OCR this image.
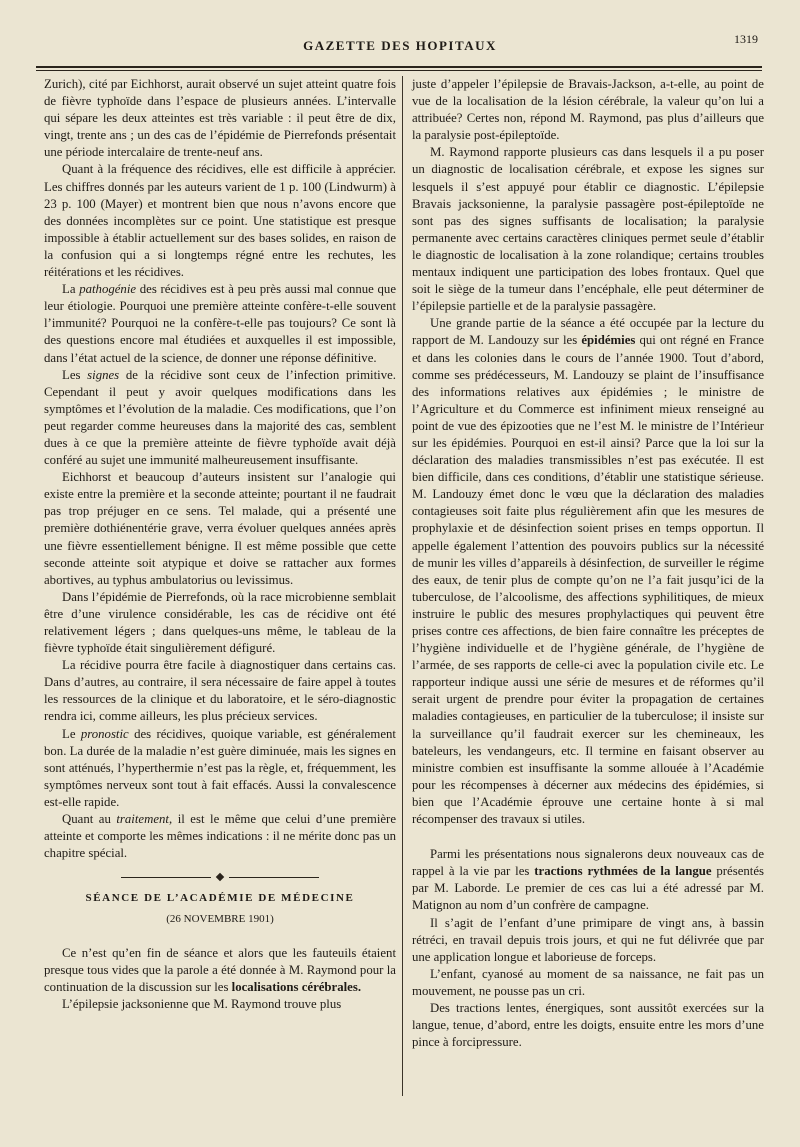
GAZETTE DES HOPITAUX	1319

Zurich), cité par Eichhorst, aurait observé un sujet atteint quatre fois de fièvre typhoïde dans l’espace de plusieurs années. L’intervalle qui sépare les deux atteintes est très variable : il peut être de dix, vingt, trente ans ; un des cas de l’épidémie de Pierrefonds présentait une période intercalaire de trente-neuf ans.

Quant à la fréquence des récidives, elle est difficile à apprécier. Les chiffres donnés par les auteurs varient de 1 p. 100 (Lindwurm) à 23 p. 100 (Mayer) et montrent bien que nous n’avons encore que des données incomplètes sur ce point. Une statistique est presque impossible à établir actuellement sur des bases solides, en raison de la confusion qui a si longtemps régné entre les rechutes, les réitérations et les récidives.

La pathogénie des récidives est à peu près aussi mal connue que leur étiologie. Pourquoi une première atteinte confère-t-elle souvent l’immunité? Pourquoi ne la confère-t-elle pas toujours? Ce sont là des questions encore mal étudiées et auxquelles il est impossible, dans l’état actuel de la science, de donner une réponse définitive.

Les signes de la récidive sont ceux de l’infection primitive. Cependant il peut y avoir quelques modifications dans les symptômes et l’évolution de la maladie. Ces modifications, que l’on peut regarder comme heureuses dans la majorité des cas, semblent dues à ce que la première atteinte de fièvre typhoïde avait déjà conféré au sujet une immunité malheureusement insuffisante.

Eichhorst et beaucoup d’auteurs insistent sur l’analogie qui existe entre la première et la seconde atteinte; pourtant il ne faudrait pas trop préjuger en ce sens. Tel malade, qui a présenté une première dothiénentérie grave, verra évoluer quelques années après une fièvre essentiellement bénigne. Il est même possible que cette seconde atteinte soit atypique et doive se rattacher aux formes abortives, au typhus ambulatorius ou levissimus.

Dans l’épidémie de Pierrefonds, où la race microbienne semblait être d’une virulence considérable, les cas de récidive ont été relativement légers ; dans quelques-uns même, le tableau de la fièvre typhoïde était singulièrement défiguré.

La récidive pourra être facile à diagnostiquer dans certains cas. Dans d’autres, au contraire, il sera nécessaire de faire appel à toutes les ressources de la clinique et du laboratoire, et le séro-diagnostic rendra ici, comme ailleurs, les plus précieux services.

Le pronostic des récidives, quoique variable, est généralement bon. La durée de la maladie n’est guère diminuée, mais les signes en sont atténués, l’hyperthermie n’est pas la règle, et, fréquemment, les symptômes nerveux sont tout à fait effacés. Aussi la convalescence est-elle rapide.

Quant au traitement, il est le même que celui d’une première atteinte et comporte les mêmes indications : il ne mérite donc pas un chapitre spécial.

SÉANCE DE L’ACADÉMIE DE MÉDECINE
(26 NOVEMBRE 1901)

Ce n’est qu’en fin de séance et alors que les fauteuils étaient presque tous vides que la parole a été donnée à M. Raymond pour la continuation de la discussion sur les localisations cérébrales.

L’épilepsie jacksonienne que M. Raymond trouve plus

juste d’appeler l’épilepsie de Bravais-Jackson, a-t-elle, au point de vue de la localisation de la lésion cérébrale, la valeur qu’on lui a attribuée? Certes non, répond M. Raymond, pas plus d’ailleurs que la paralysie post-épileptoïde.

M. Raymond rapporte plusieurs cas dans lesquels il a pu poser un diagnostic de localisation cérébrale, et expose les signes sur lesquels il s’est appuyé pour établir ce diagnostic. L’épilepsie Bravais jacksonienne, la paralysie passagère post-épileptoïde ne sont pas des signes suffisants de localisation; la paralysie permanente avec certains caractères cliniques permet seule d’établir le diagnostic de localisation à la zone rolandique; certains troubles mentaux indiquent une participation des lobes frontaux. Quel que soit le siège de la tumeur dans l’encéphale, elle peut déterminer de l’épilepsie partielle et de la paralysie passagère.

Une grande partie de la séance a été occupée par la lecture du rapport de M. Landouzy sur les épidémies qui ont régné en France et dans les colonies dans le cours de l’année 1900. Tout d’abord, comme ses prédécesseurs, M. Landouzy se plaint de l’insuffisance des informations relatives aux épidémies ; le ministre de l’Agriculture et du Commerce est infiniment mieux renseigné au point de vue des épizooties que ne l’est M. le ministre de l’Intérieur sur les épidémies. Pourquoi en est-il ainsi? Parce que la loi sur la déclaration des maladies transmissibles n’est pas exécutée. Il est bien difficile, dans ces conditions, d’établir une statistique sérieuse. M. Landouzy émet donc le vœu que la déclaration des maladies contagieuses soit faite plus régulièrement afin que les mesures de prophylaxie et de désinfection soient prises en temps opportun. Il appelle également l’attention des pouvoirs publics sur la nécessité de munir les villes d’appareils à désinfection, de surveiller le régime des eaux, de tenir plus de compte qu’on ne l’a fait jusqu’ici de la tuberculose, de l’alcoolisme, des affections syphilitiques, de mieux instruire le public des mesures prophylactiques qui peuvent être prises contre ces affections, de bien faire connaître les préceptes de l’hygiène individuelle et de l’hygiène générale, de l’hygiène de l’armée, de ses rapports de celle-ci avec la population civile etc. Le rapporteur indique aussi une série de mesures et de réformes qu’il serait urgent de prendre pour éviter la propagation de certaines maladies contagieuses, en particulier de la tuberculose; il insiste sur la surveillance qu’il faudrait exercer sur les chemineaux, les bateleurs, les vendangeurs, etc. Il termine en faisant observer au ministre combien est insuffisante la somme allouée à l’Académie pour les récompenses à décerner aux médecins des épidémies, si bien que l’Académie éprouve une certaine honte à si mal récompenser des travaux si utiles.

Parmi les présentations nous signalerons deux nouveaux cas de rappel à la vie par les tractions rythmées de la langue présentés par M. Laborde. Le premier de ces cas lui a été adressé par M. Matignon au nom d’un confrère de campagne.

Il s’agit de l’enfant d’une primipare de vingt ans, à bassin rétréci, en travail depuis trois jours, et qui ne fut délivrée que par une application longue et laborieuse de forceps.

L’enfant, cyanosé au moment de sa naissance, ne fait pas un mouvement, ne pousse pas un cri.

Des tractions lentes, énergiques, sont aussitôt exercées sur la langue, tenue, d’abord, entre les doigts, ensuite entre les mors d’une pince à forcipressure.
